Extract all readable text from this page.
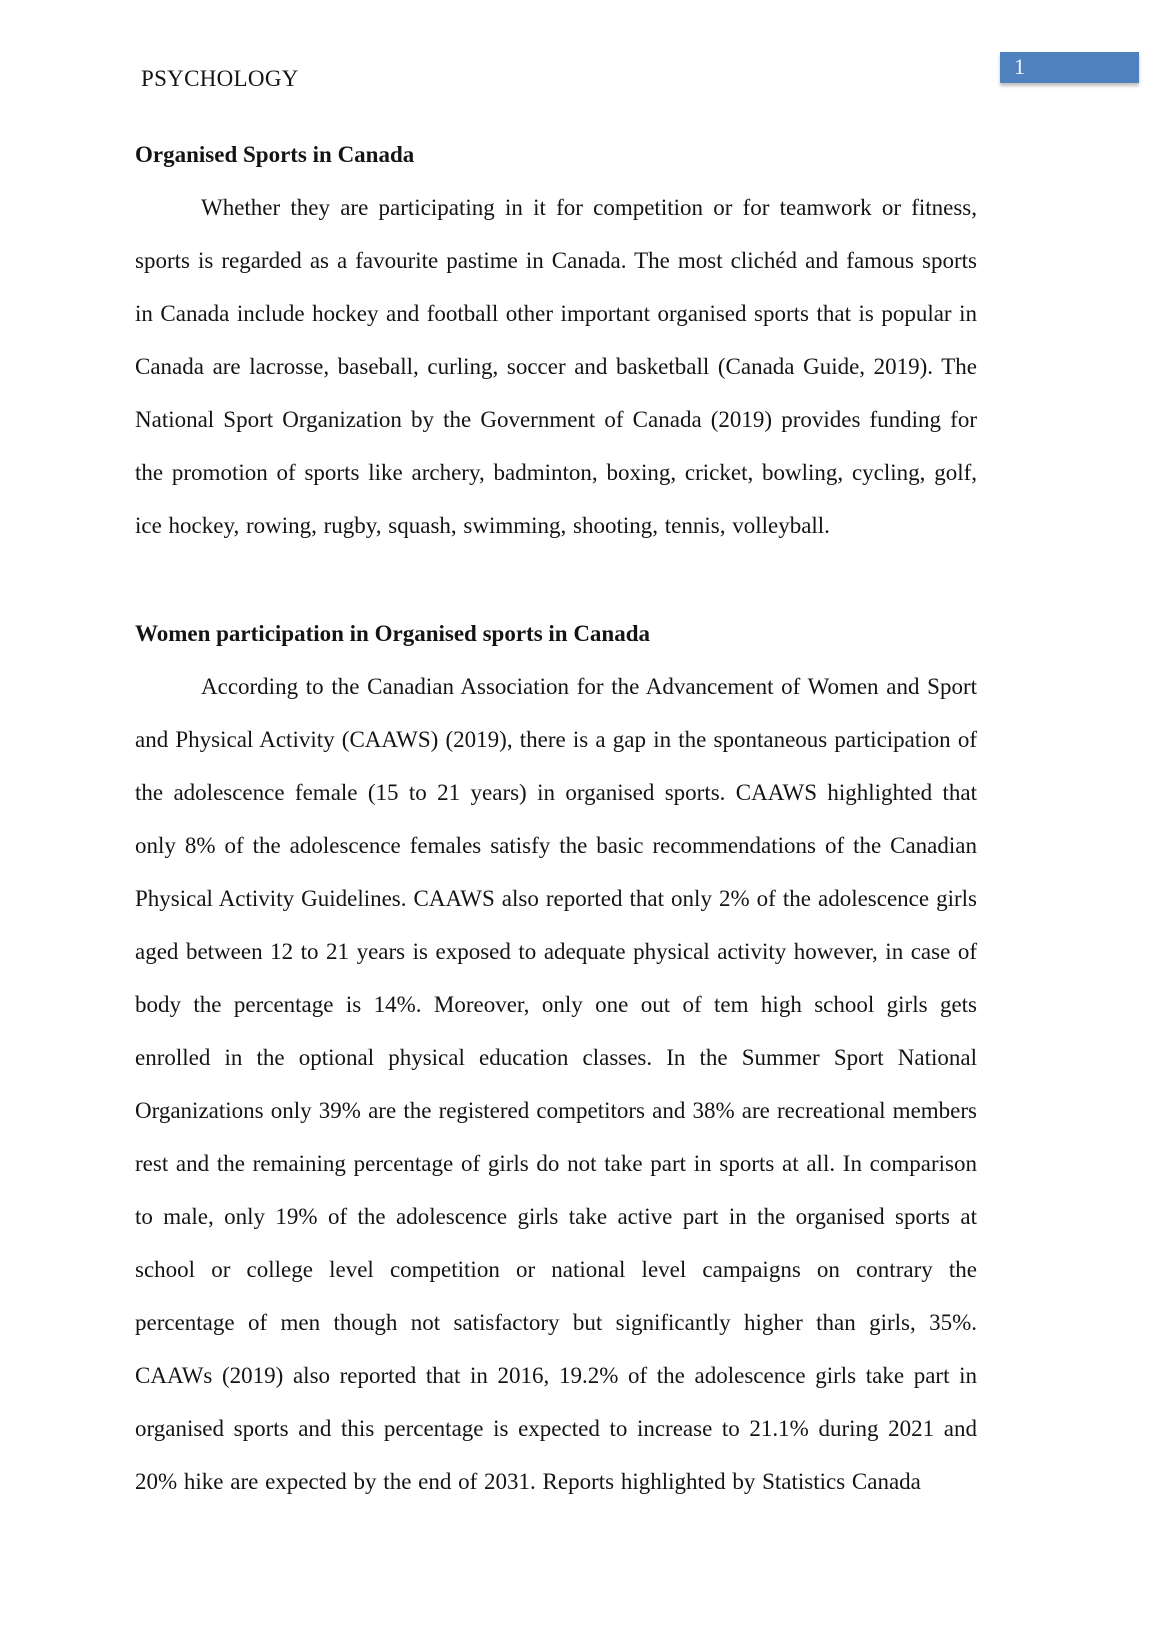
PSYCHOLOGY	1
Organised Sports in Canada

Whether they are participating in it for competition or for teamwork or fitness, sports is regarded as a favourite pastime in Canada. The most clichéd and famous sports in Canada include hockey and football other important organised sports that is popular in Canada are lacrosse, baseball, curling, soccer and basketball (Canada Guide, 2019). The National Sport Organization by the Government of Canada (2019) provides funding for the promotion of sports like archery, badminton, boxing, cricket, bowling, cycling, golf, ice hockey, rowing, rugby, squash, swimming, shooting, tennis, volleyball.

Women participation in Organised sports in Canada

According to the Canadian Association for the Advancement of Women and Sport and Physical Activity (CAAWS) (2019), there is a gap in the spontaneous participation of the adolescence female (15 to 21 years) in organised sports. CAAWS highlighted that only 8% of the adolescence females satisfy the basic recommendations of the Canadian Physical Activity Guidelines. CAAWS also reported that only 2% of the adolescence girls aged between 12 to 21 years is exposed to adequate physical activity however, in case of body the percentage is 14%. Moreover, only one out of tem high school girls gets enrolled in the optional physical education classes. In the Summer Sport National Organizations only 39% are the registered competitors and 38% are recreational members rest and the remaining percentage of girls do not take part in sports at all. In comparison to male, only 19% of the adolescence girls take active part in the organised sports at school or college level competition or national level campaigns on contrary the percentage of men though not satisfactory but significantly higher than girls, 35%. CAAWs (2019) also reported that in 2016, 19.2% of the adolescence girls take part in organised sports and this percentage is expected to increase to 21.1% during 2021 and 20% hike are expected by the end of 2031. Reports highlighted by Statistics Canada
